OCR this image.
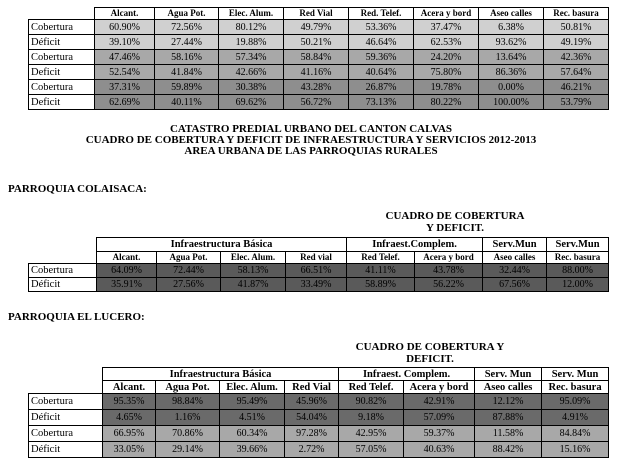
	Alcant.	Agua Pot.	Elec. Alum.	Red Vial	Red. Telef.	Acera y bord	Aseo calles	Rec. basura
Cobertura	60.90%	72.56%	80.12%	49.79%	53.36%	37.47%	6.38%	50.81%
Déficit	39.10%	27.44%	19.88%	50.21%	46.64%	62.53%	93.62%	49.19%
Cobertura	47.46%	58.16%	57.34%	58.84%	59.36%	24.20%	13.64%	42.36%
Deficit	52.54%	41.84%	42.66%	41.16%	40.64%	75.80%	86.36%	57.64%
Cobertura	37.31%	59.89%	30.38%	43.28%	26.87%	19.78%	0.00%	46.21%
Deficit	62.69%	40.11%	69.62%	56.72%	73.13%	80.22%	100.00%	53.79%
CATASTRO PREDIAL URBANO DEL CANTON CALVAS
CUADRO DE COBERTURA Y DEFICIT DE INFRAESTRUCTURA Y SERVICIOS 2012-2013
AREA URBANA DE LAS PARROQUIAS RURALES
PARROQUIA COLAISACA:
CUADRO DE COBERTURA
Y DEFICIT.
	Infraestructura Básica				Infraest.Complem.		Serv.Mun	Serv.Mun
	Alcant.	Agua Pot.	Elec. Alum.	Red vial	Red Telef.	Acera y bord	Aseo calles	Rec. basura
Cobertura	64.09%	72.44%	58.13%	66.51%	41.11%	43.78%	32.44%	88.00%
Déficit	35.91%	27.56%	41.87%	33.49%	58.89%	56.22%	67.56%	12.00%
PARROQUIA EL LUCERO:
CUADRO DE COBERTURA Y
DEFICIT.
	Infraestructura Básica				Infraest. Complem.		Serv. Mun	Serv. Mun
	Alcant.	Agua Pot.	Elec. Alum.	Red Vial	Red Telef.	Acera y bord	Aseo calles	Rec. basura
Cobertura	95.35%	98.84%	95.49%	45.96%	90.82%	42.91%	12.12%	95.09%
Déficit	4.65%	1.16%	4.51%	54.04%	9.18%	57.09%	87.88%	4.91%
Cobertura	66.95%	70.86%	60.34%	97.28%	42.95%	59.37%	11.58%	84.84%
Déficit	33.05%	29.14%	39.66%	2.72%	57.05%	40.63%	88.42%	15.16%
